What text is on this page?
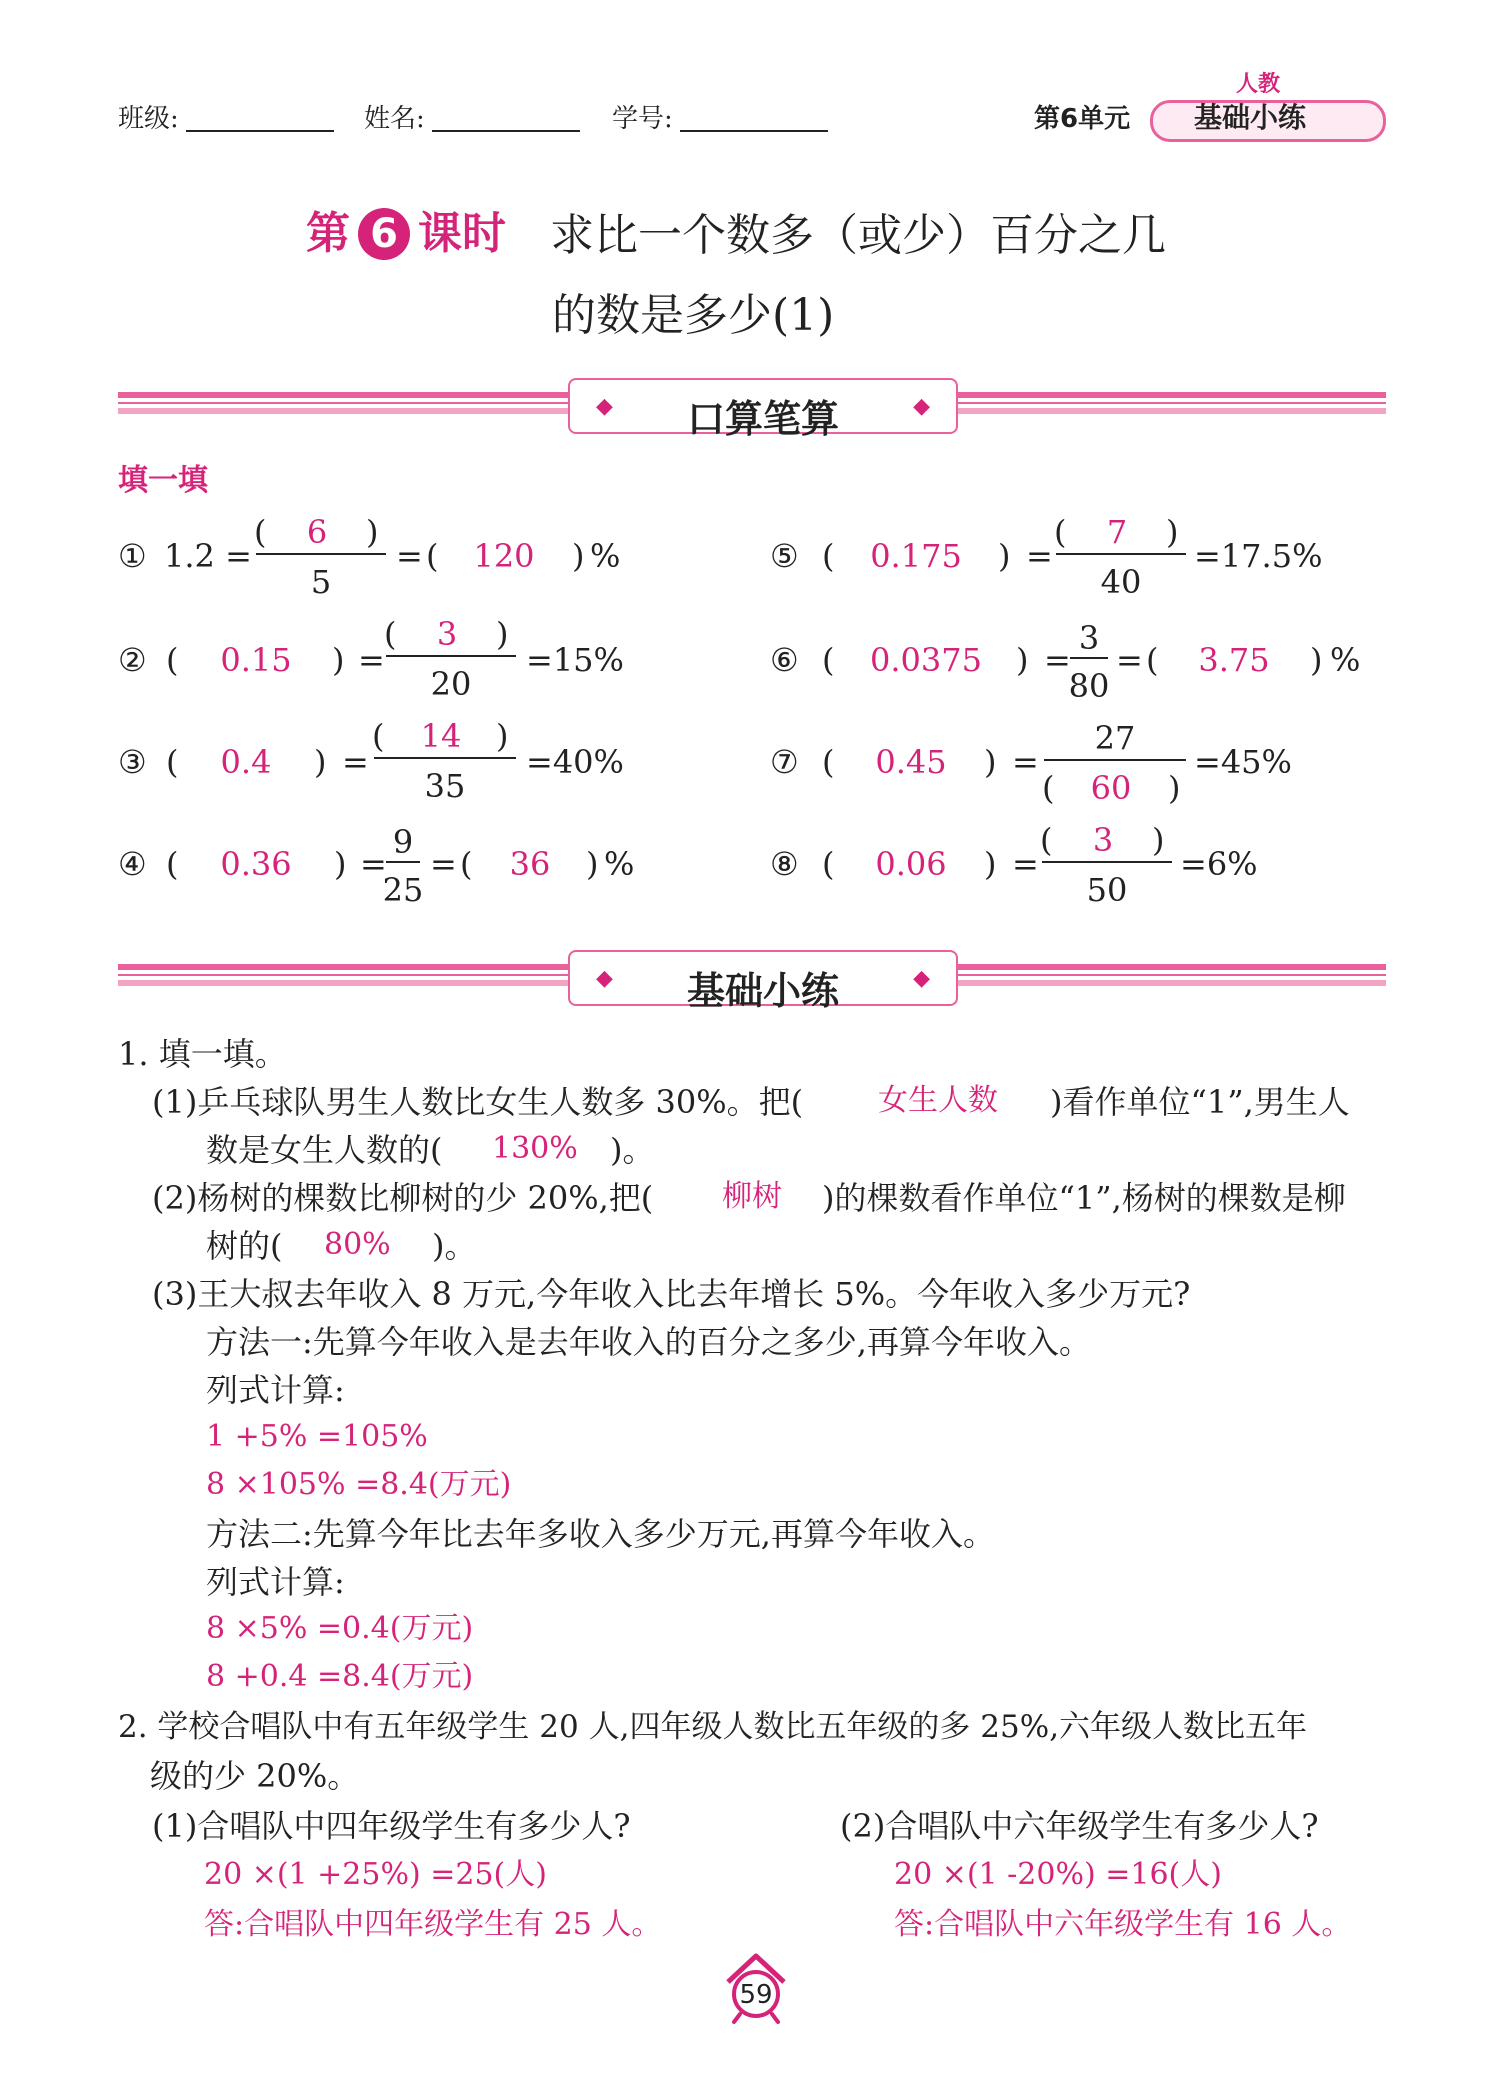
班级:	姓名:	学号:	第6单元
人教
基础小练
第 6 课时 求比一个数多（或少）百分之几
的数是多少(1)
◆	口算笔算	◆
填一填
① 1.2 =
(	)
6
5
= (	)
120	%
② (	)
0.15	=
(	)
3
20
=15%
③ (	)
0.4	=
(	)
14
35
=40%
④ (	)
0.36	=
9
25
= (	)
36	%
⑤ (	)
0.175	=
(	)
7
40
=17.5%
⑥ (	)
0.0375	=
3
80
= (	)
3.75	%
⑦ (	)
0.45	=
27
(	)
60
=45%
⑧ (	)
0.06	=
(	)
3
50
=6%
◆	基础小练	◆
1. 填一填。
(1)乒乓球队男生人数比女生人数多 30%。把( 女生人数 )看作单位“1”,男生人
数是女生人数的( 130% )。
(2)杨树的棵数比柳树的少 20%,把( 柳树 )的棵数看作单位“1”,杨树的棵数是柳
树的( 80% )。
(3)王大叔去年收入 8 万元,今年收入比去年增长 5%。今年收入多少万元?
方法一:先算今年收入是去年收入的百分之多少,再算今年收入。
列式计算:
1 +5% =105%
8 ×105% =8.4(万元)
方法二:先算今年比去年多收入多少万元,再算今年收入。
列式计算:
8 ×5% =0.4(万元)
8 +0.4 =8.4(万元)
2. 学校合唱队中有五年级学生 20 人,四年级人数比五年级的多 25%,六年级人数比五年
级的少 20%。
(1)合唱队中四年级学生有多少人?
20 ×(1 +25%) =25(人)
答:合唱队中四年级学生有 25 人。
(2)合唱队中六年级学生有多少人?
20 ×(1 -20%) =16(人)
答:合唱队中六年级学生有 16 人。
59
